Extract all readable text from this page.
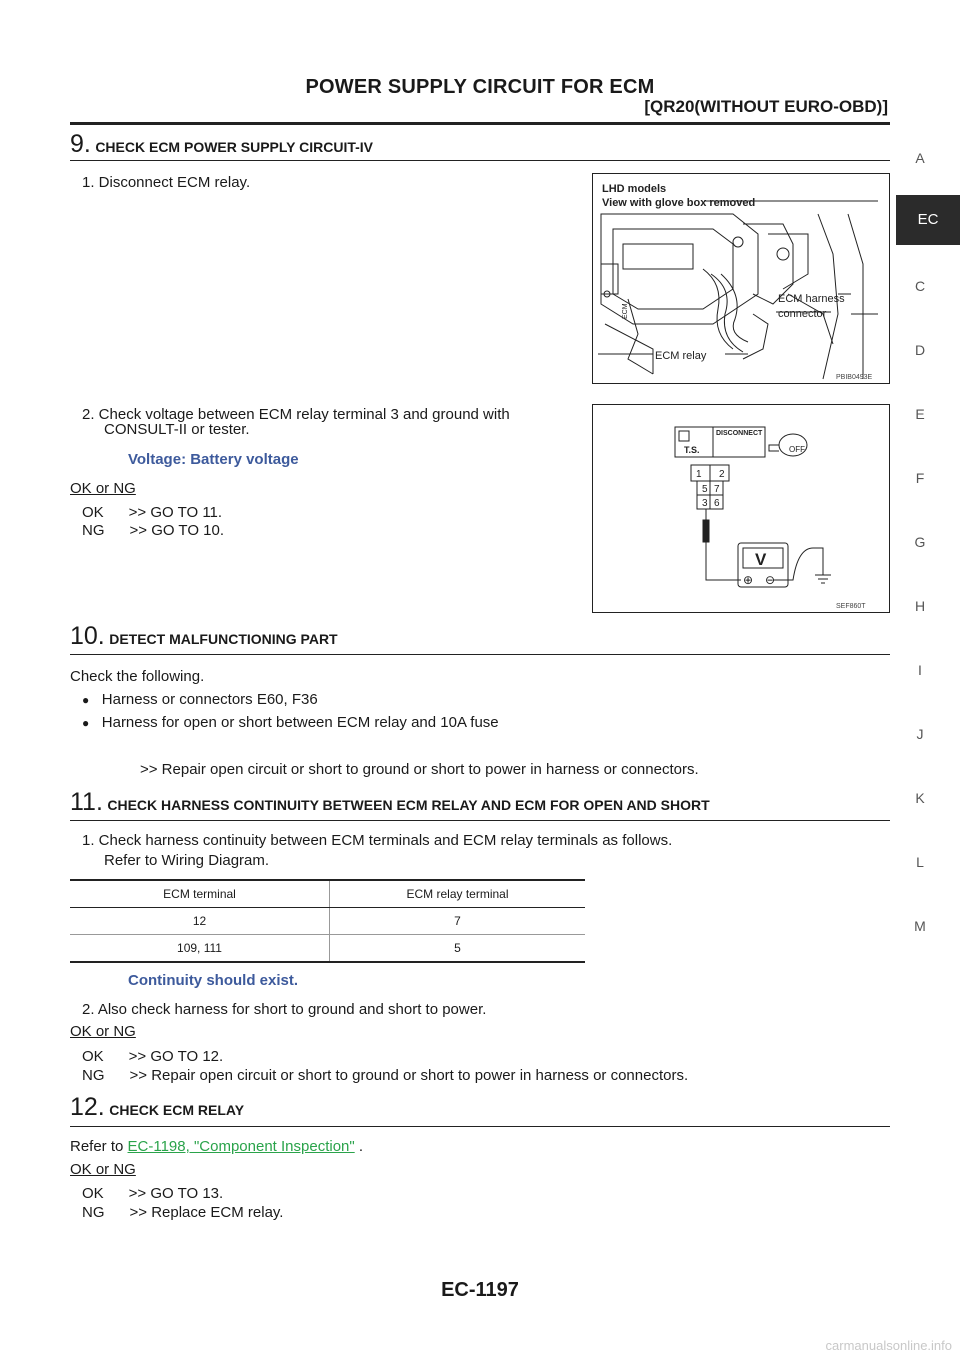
POWER SUPPLY CIRCUIT FOR ECM
[QR20(WITHOUT EURO-OBD)]
A
EC
C
D
E
F
G
H
I
J
K
L
M
9. CHECK ECM POWER SUPPLY CIRCUIT-IV
1. Disconnect ECM relay.	LHD models
View with glove box removed
ECM harness
connector
ECM relay
ECM
PBIB0493E
2. Check voltage between ECM relay terminal 3 and ground with
CONSULT-II or tester.
Voltage: Battery voltage
OK or NG
OK      >> GO TO 11.
NG      >> GO TO 10.
T.S.
DISCONNECT
OFF
1 2
5 7
3 6
V
⊕ ⊖
SEF860T
10. DETECT MALFUNCTIONING PART
Check the following.
● Harness or connectors E60, F36
● Harness for open or short between ECM relay and 10A fuse
>> Repair open circuit or short to ground or short to power in harness or connectors.
11. CHECK HARNESS CONTINUITY BETWEEN ECM RELAY AND ECM FOR OPEN AND SHORT
1. Check harness continuity between ECM terminals and ECM relay terminals as follows.
Refer to Wiring Diagram.
ECM terminal	ECM relay terminal
12	7
109, 111	5
Continuity should exist.
2. Also check harness for short to ground and short to power.
OK or NG
OK      >> GO TO 12.
NG      >> Repair open circuit or short to ground or short to power in harness or connectors.
12. CHECK ECM RELAY
Refer to EC-1198, "Component Inspection" .
OK or NG
OK      >> GO TO 13.
NG      >> Replace ECM relay.
EC-1197
carmanualsonline.info
